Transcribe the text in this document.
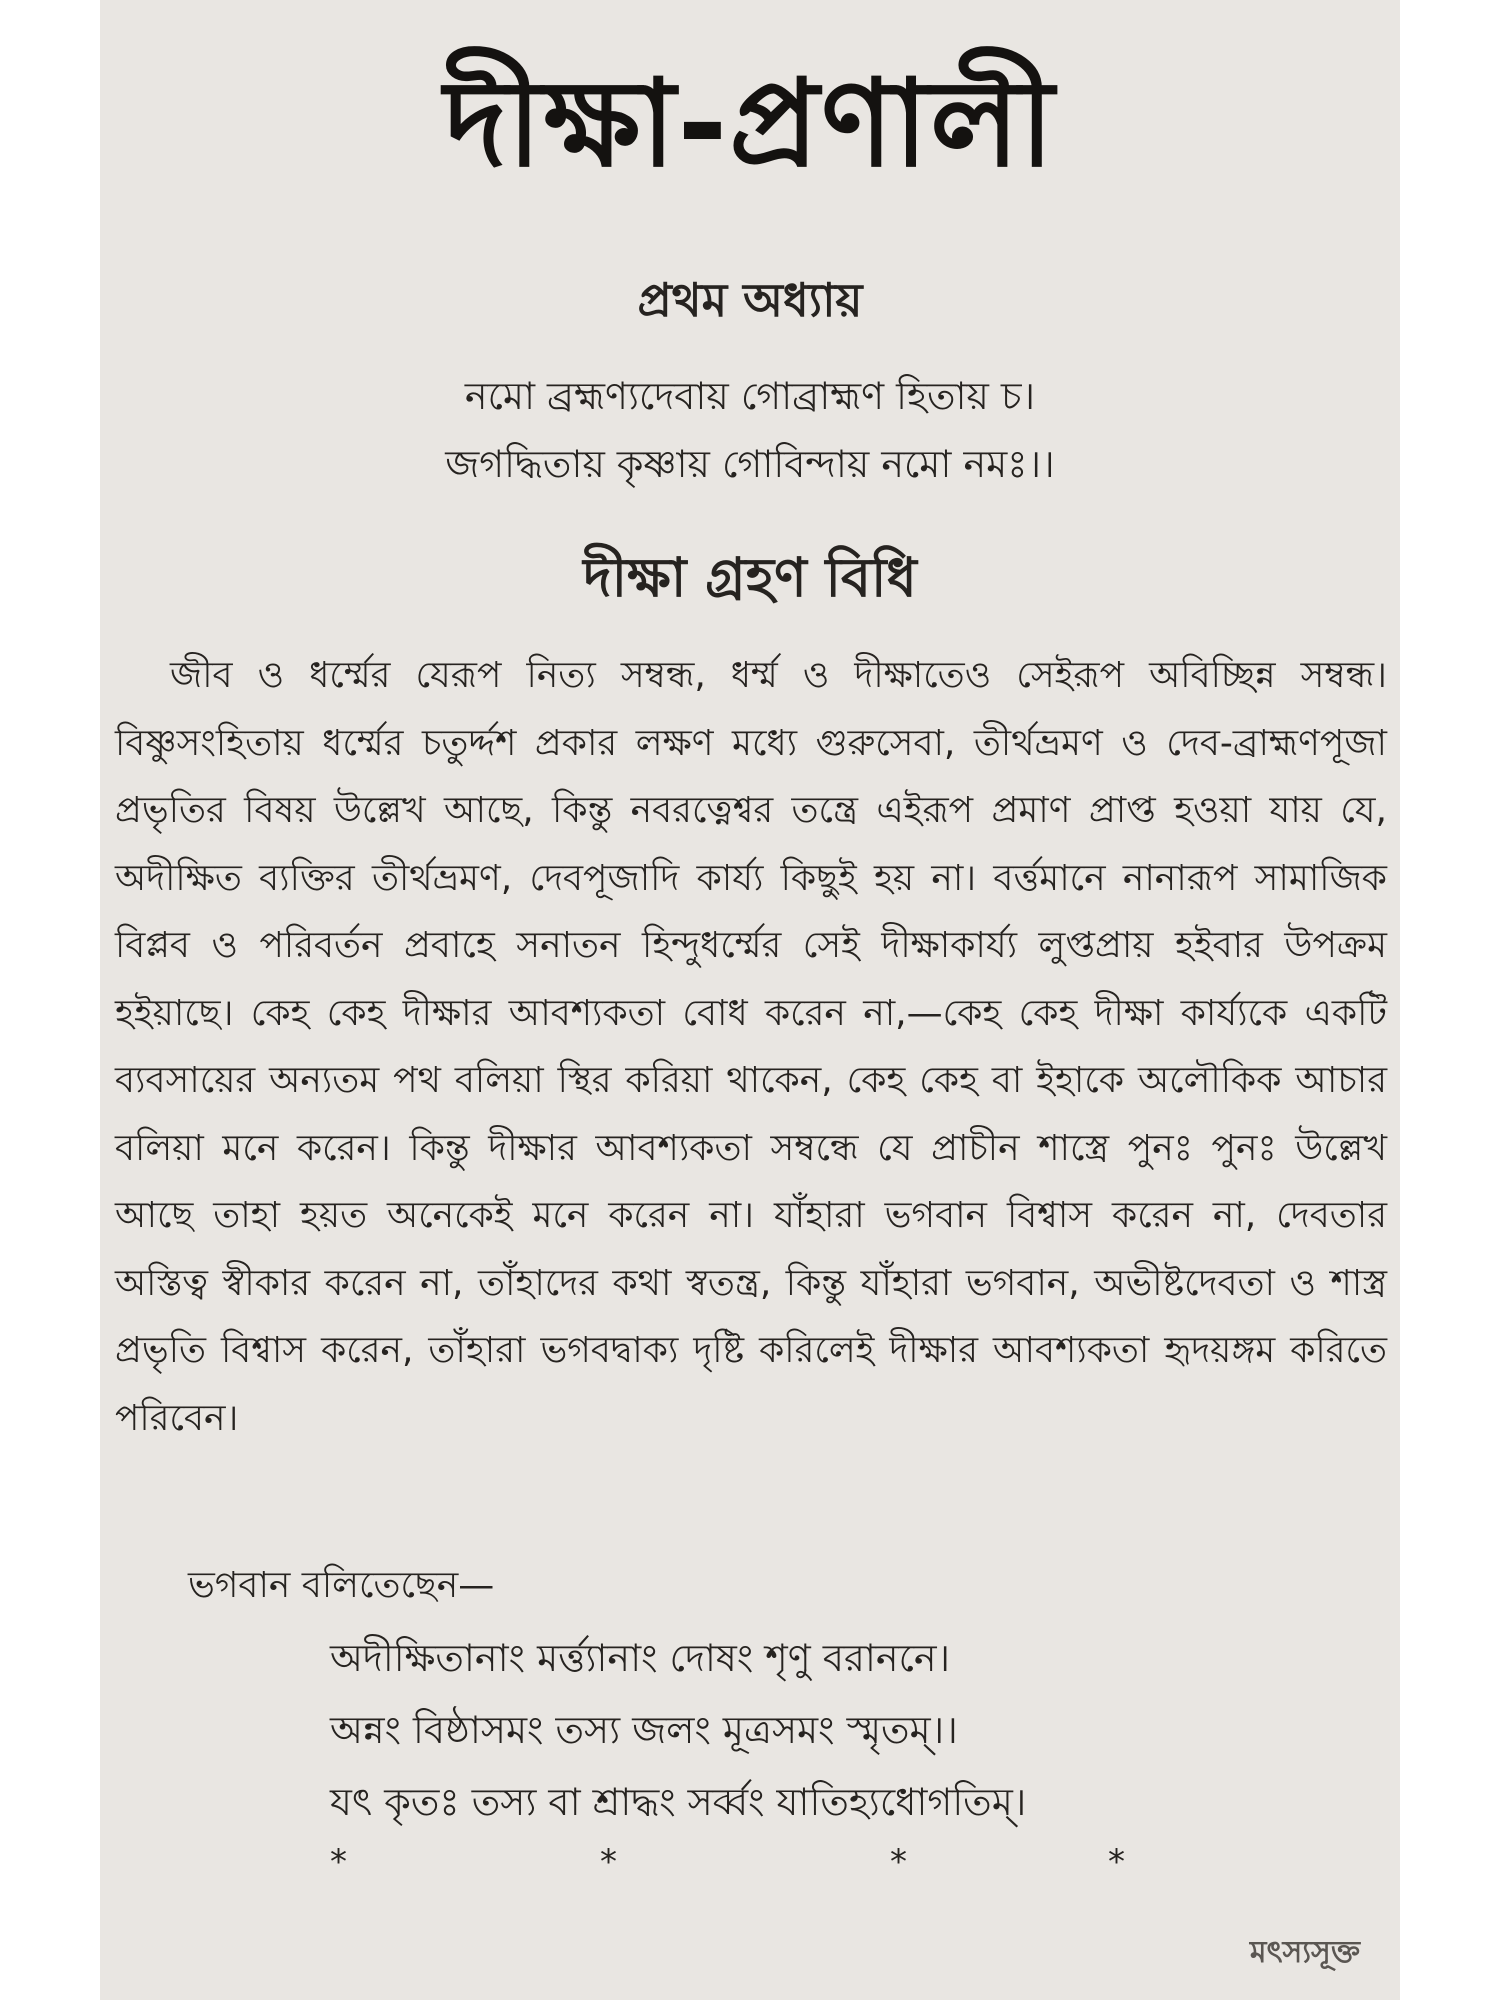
দীক্ষা-প্রণালী
প্রথম অধ্যায়
নমো ব্রহ্মণ্যদেবায় গোব্রাহ্মণ হিতায় চ।
জগদ্ধিতায় কৃষ্ণায় গোবিন্দায় নমো নমঃ।।
দীক্ষা গ্রহণ বিধি

জীব ও ধর্ম্মের যেরূপ নিত্য সম্বন্ধ, ধর্ম্ম ও দীক্ষাতেও সেইরূপ অবিচ্ছিন্ন সম্বন্ধ। বিষ্ণুসংহিতায় ধর্ম্মের চতুর্দ্দশ প্রকার লক্ষণ মধ্যে গুরুসেবা, তীর্থভ্রমণ ও দেব-ব্রাহ্মণপূজা প্রভৃতির বিষয় উল্লেখ আছে, কিন্তু নবরত্নেশ্বর তন্ত্রে এইরূপ প্রমাণ প্রাপ্ত হওয়া যায় যে, অদীক্ষিত ব্যক্তির তীর্থভ্রমণ, দেবপূজাদি কার্য্য কিছুই হয় না। বর্ত্তমানে নানারূপ সামাজিক বিপ্লব ও পরিবর্তন প্রবাহে সনাতন হিন্দুধর্ম্মের সেই দীক্ষাকার্য্য লুপ্তপ্রায় হইবার উপক্রম হইয়াছে। কেহ কেহ দীক্ষার আবশ্যকতা বোধ করেন না,—কেহ কেহ দীক্ষা কার্য্যকে একটি ব্যবসায়ের অন্যতম পথ বলিয়া স্থির করিয়া থাকেন, কেহ কেহ বা ইহাকে অলৌকিক আচার বলিয়া মনে করেন। কিন্তু দীক্ষার আবশ্যকতা সম্বন্ধে যে প্রাচীন শাস্ত্রে পুনঃ পুনঃ উল্লেখ আছে তাহা হয়ত অনেকেই মনে করেন না। যাঁহারা ভগবান বিশ্বাস করেন না, দেবতার অস্তিত্ব স্বীকার করেন না, তাঁহাদের কথা স্বতন্ত্র, কিন্তু যাঁহারা ভগবান, অভীষ্টদেবতা ও শাস্ত্র প্রভৃতি বিশ্বাস করেন, তাঁহারা ভগবদ্বাক্য দৃষ্টি করিলেই দীক্ষার আবশ্যকতা হৃদয়ঙ্গম করিতে পরিবেন।

ভগবান বলিতেছেন—
অদীক্ষিতানাং মর্ত্ত্যানাং দোষং শৃণু বরাননে।
অন্নং বিষ্ঠাসমং তস্য জলং মূত্রসমং স্মৃতম্।।
যৎ কৃতঃ তস্য বা শ্রাদ্ধং সর্ব্বং যাতিহ্যধোগতিম্।
*	*	*	*
মৎস্যসূক্ত
